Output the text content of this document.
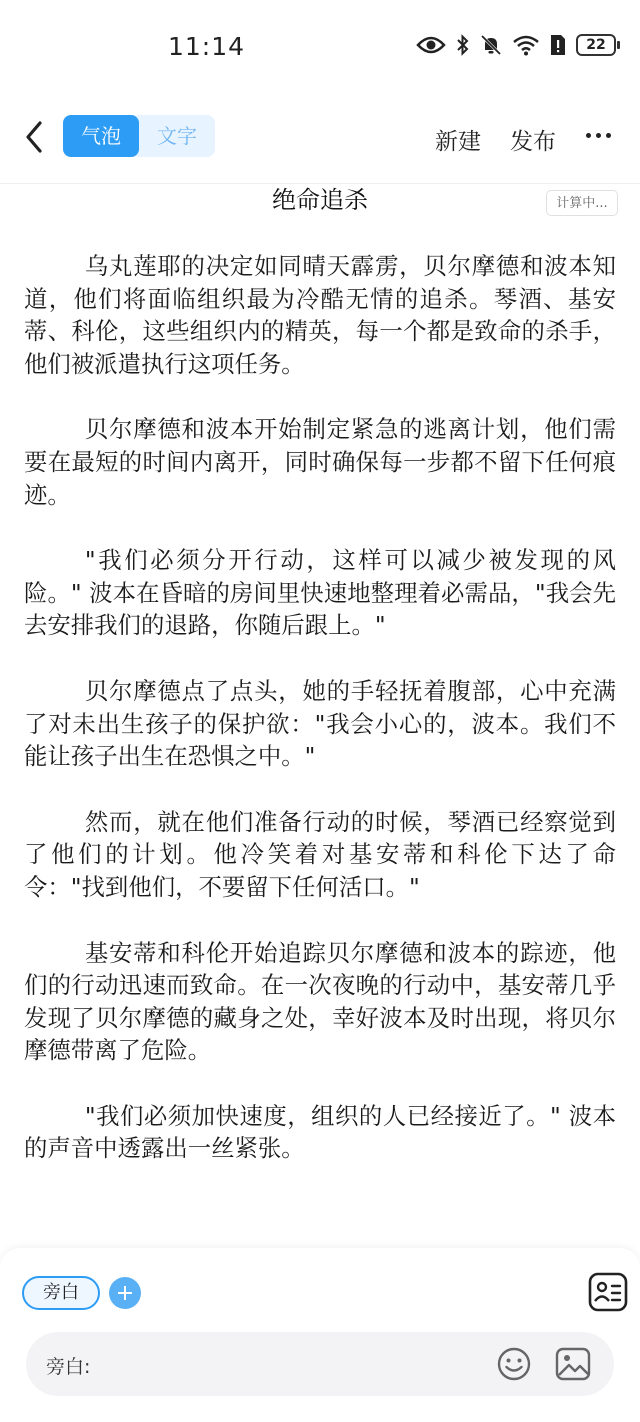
11:14	22
气泡	文字	新建 发布
绝命追杀	计算中...

乌丸莲耶的决定如同晴天霹雳，贝尔摩德和波本知道，他们将面临组织最为冷酷无情的追杀。琴酒、基安蒂、科伦，这些组织内的精英，每一个都是致命的杀手，他们被派遣执行这项任务。

贝尔摩德和波本开始制定紧急的逃离计划，他们需要在最短的时间内离开，同时确保每一步都不留下任何痕迹。

"我们必须分开行动，这样可以减少被发现的风险。" 波本在昏暗的房间里快速地整理着必需品，"我会先去安排我们的退路，你随后跟上。"

贝尔摩德点了点头，她的手轻抚着腹部，心中充满了对未出生孩子的保护欲："我会小心的，波本。我们不能让孩子出生在恐惧之中。"

然而，就在他们准备行动的时候，琴酒已经察觉到了他们的计划。他冷笑着对基安蒂和科伦下达了命令："找到他们，不要留下任何活口。"

基安蒂和科伦开始追踪贝尔摩德和波本的踪迹，他们的行动迅速而致命。在一次夜晚的行动中，基安蒂几乎发现了贝尔摩德的藏身之处，幸好波本及时出现，将贝尔摩德带离了危险。

"我们必须加快速度，组织的人已经接近了。" 波本的声音中透露出一丝紧张。

旁白
旁白:
